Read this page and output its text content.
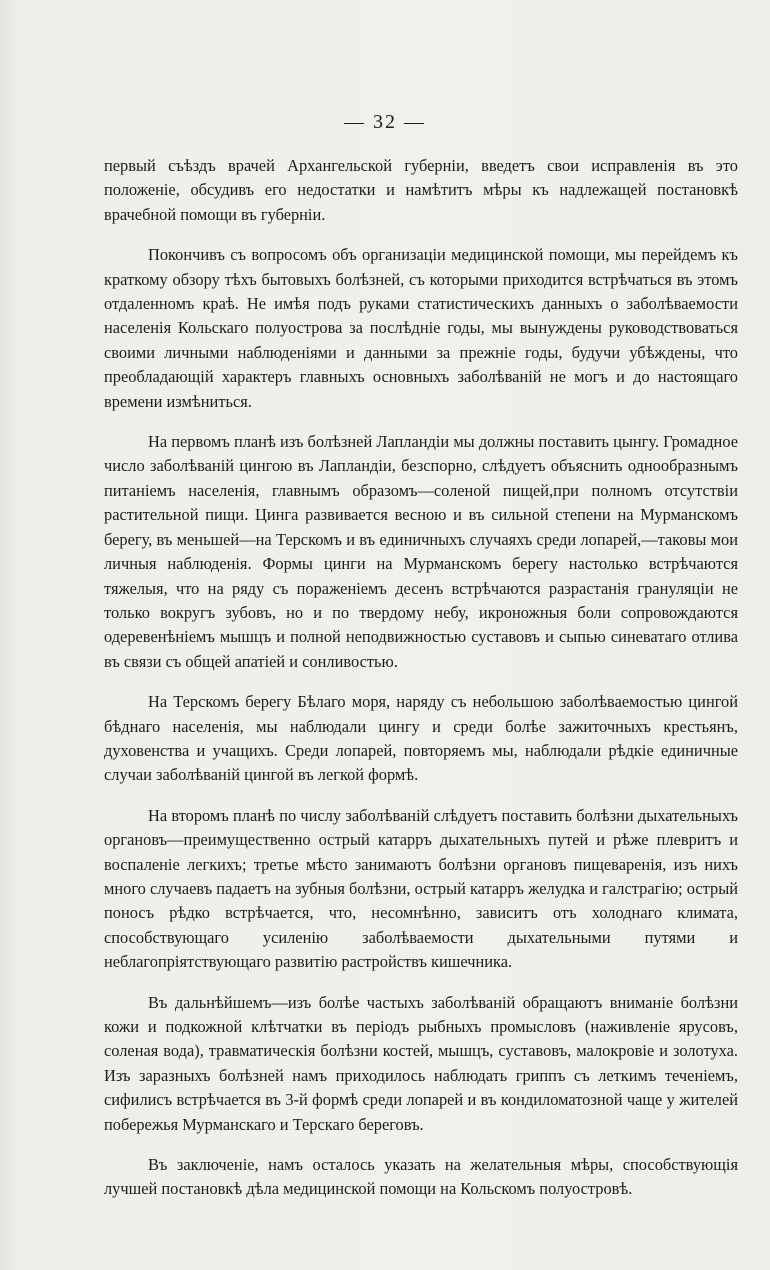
— 32 —

первый съѣздъ врачей Архангельской губерніи, введетъ свои исправленія въ это положеніе, обсудивъ его недостатки и намѣтитъ мѣры къ надлежащей постановкѣ врачебной помощи въ губерніи.

Покончивъ съ вопросомъ объ организаціи медицинской помощи, мы перейдемъ къ краткому обзору тѣхъ бытовыхъ болѣзней, съ которыми приходится встрѣчаться въ этомъ отдаленномъ краѣ. Не имѣя подъ руками статистическихъ данныхъ о заболѣваемости населенія Кольскаго полуострова за послѣдніе годы, мы вынуждены руководствоваться своими личными наблюденіями и данными за прежніе годы, будучи убѣждены, что преобладающій характеръ главныхъ основныхъ заболѣваній не могъ и до настоящаго времени измѣниться.

На первомъ планѣ изъ болѣзней Лапландіи мы должны поставить цынгу. Громадное число заболѣваній цингою въ Лапландіи, безспорно, слѣдуетъ объяснить однообразнымъ питаніемъ населенія, главнымъ образомъ—соленой пищей,при полномъ отсутствіи растительной пищи. Цинга развивается весною и въ сильной степени на Мурманскомъ берегу, въ меньшей—на Терскомъ и въ единичныхъ случаяхъ среди лопарей,—таковы мои личныя наблюденія. Формы цинги на Мурманскомъ берегу настолько встрѣчаются тяжелыя, что на ряду съ пораженіемъ десенъ встрѣчаются разрастанія грануляціи не только вокругъ зубовъ, но и по твердому небу, икроножныя боли сопровождаются одеревенѣніемъ мышцъ и полной неподвижностью суставовъ и сыпью синеватаго отлива въ связи съ общей апатіей и сонливостью.

На Терскомъ берегу Бѣлаго моря, наряду съ небольшою заболѣваемостью цингой бѣднаго населенія, мы наблюдали цингу и среди болѣе зажиточныхъ крестьянъ, духовенства и учащихъ. Среди лопарей, повторяемъ мы, наблюдали рѣдкіе единичные случаи заболѣваній цингой въ легкой формѣ.

На второмъ планѣ по числу заболѣваній слѣдуетъ поставить болѣзни дыхательныхъ органовъ—преимущественно острый катарръ дыхательныхъ путей и рѣже плевритъ и воспаленіе легкихъ; третье мѣсто занимаютъ болѣзни органовъ пищеваренія, изъ нихъ много случаевъ падаетъ на зубныя болѣзни, острый катарръ желудка и галстрагію; острый поносъ рѣдко встрѣчается, что, несомнѣнно, зависитъ отъ холоднаго климата, способствующаго усиленію заболѣваемости дыхательными путями и неблагопріятствующаго развитію растройствъ кишечника.

Въ дальнѣйшемъ—изъ болѣе частыхъ заболѣваній обращаютъ вниманіе болѣзни кожи и подкожной клѣтчатки въ періодъ рыбныхъ промысловъ (наживленіе ярусовъ, соленая вода), травматическія болѣзни костей, мышцъ, суставовъ, малокровіе и золотуха. Изъ заразныхъ болѣзней намъ приходилось наблюдать гриппъ съ леткимъ теченіемъ, сифилисъ встрѣчается въ 3-й формѣ среди лопарей и въ кондиломатозной чаще у жителей побережья Мурманскаго и Терскаго береговъ.

Въ заключеніе, намъ осталось указать на желательныя мѣры, способствующія лучшей постановкѣ дѣла медицинской помощи на Кольскомъ полуостровѣ.
